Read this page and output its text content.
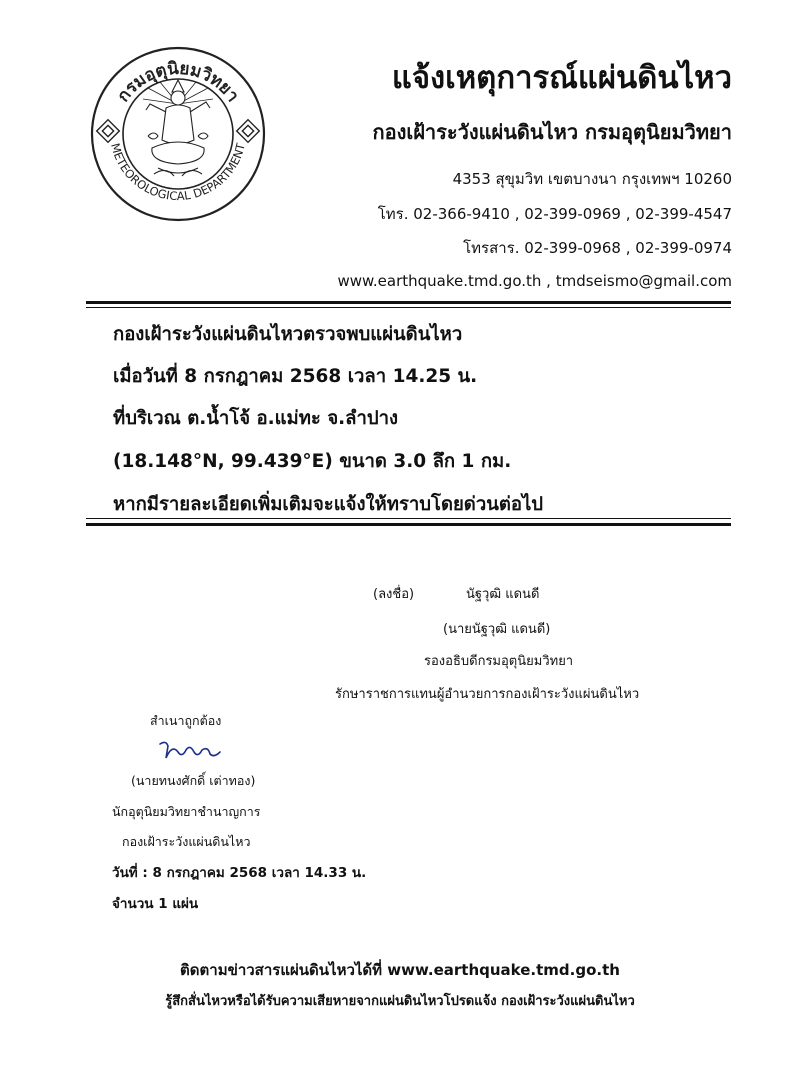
กรมอุตุนิยมวิทยา
METEOROLOGICAL DEPARTMENT
แจ้งเหตุการณ์แผ่นดินไหว
กองเฝ้าระวังแผ่นดินไหว กรมอุตุนิยมวิทยา
4353 สุขุมวิท เขตบางนา กรุงเทพฯ 10260
โทร. 02-366-9410 , 02-399-0969 , 02-399-4547
โทรสาร. 02-399-0968 , 02-399-0974
www.earthquake.tmd.go.th , tmdseismo@gmail.com
กองเฝ้าระวังแผ่นดินไหวตรวจพบแผ่นดินไหว
เมื่อวันที่ 8 กรกฎาคม 2568 เวลา 14.25 น.
ที่บริเวณ ต.น้ำโจ้ อ.แม่ทะ จ.ลำปาง
(18.148°N, 99.439°E) ขนาด 3.0 ลึก 1 กม.
หากมีรายละเอียดเพิ่มเติมจะแจ้งให้ทราบโดยด่วนต่อไป
(ลงชื่อ)	นัฐวุฒิ แดนดี
(นายนัฐวุฒิ แดนดี)
รองอธิบดีกรมอุตุนิยมวิทยา
รักษาราชการแทนผู้อำนวยการกองเฝ้าระวังแผ่นดินไหว
สำเนาถูกต้อง
(นายทนงศักดิ์ เต่าทอง)
นักอุตุนิยมวิทยาชำนาญการ
กองเฝ้าระวังแผ่นดินไหว
วันที่ : 8 กรกฎาคม 2568 เวลา 14.33 น.
จำนวน 1 แผ่น
ติดตามข่าวสารแผ่นดินไหวได้ที่ www.earthquake.tmd.go.th
รู้สึกสั่นไหวหรือได้รับความเสียหายจากแผ่นดินไหวโปรดแจ้ง กองเฝ้าระวังแผ่นดินไหว
